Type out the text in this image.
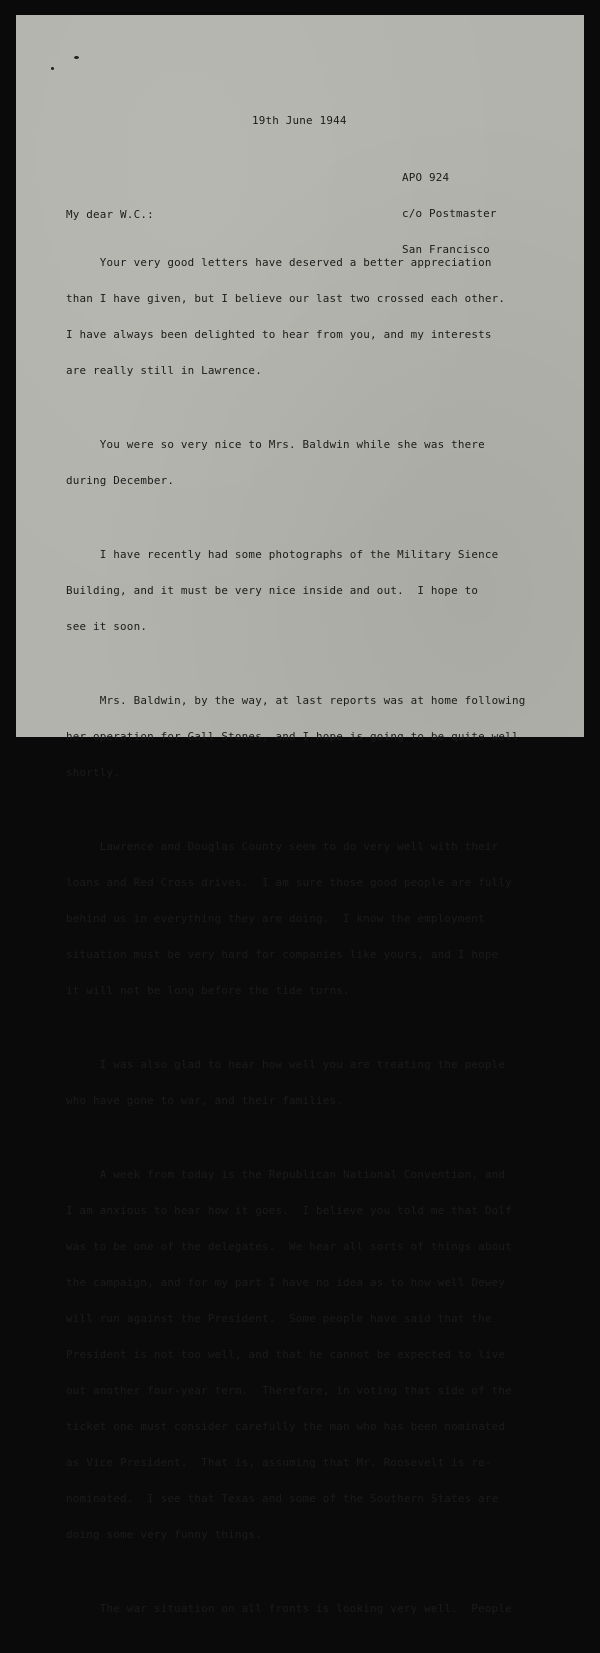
19th June 1944

APO 924

c/o Postmaster

San Francisco

My dear W.C.:

Your very good letters have deserved a better appreciation

than I have given, but I believe our last two crossed each other.

I have always been delighted to hear from you, and my interests

are really still in Lawrence.

You were so very nice to Mrs. Baldwin while she was there

during December.

I have recently had some photographs of the Military Sience

Building, and it must be very nice inside and out.  I hope to

see it soon.

Mrs. Baldwin, by the way, at last reports was at home following

her operation for Gall Stones, and I hope is going to be quite well

shortly.

Lawrence and Douglas County seem to do very well with their

loans and Red Cross drives.  I am sure those good people are fully

behind us in everything they are doing.  I know the employment

situation must be very hard for companies like yours, and I hope

it will not be long before the tide turns.

I was also glad to hear how well you are treating the people

who have gone to war, and their families.

A week from today is the Republican National Convention, and

I am anxious to hear how it goes.  I believe you told me that Dolf

was to be one of the delegates.  We hear all sorts of things about

the campaign, and for my part I have no idea as to how well Dewey

will run against the President.  Some people have said that the

President is not too well, and that he cannot be expected to live

out another four-year term.  Therefore, in voting that side of the

ticket one must consider carefully the man who has been nominated

as Vice President.  That is, assuming that Mr. Roosevelt is re-

nominated.  I see that Texas and some of the Southern States are

doing some very funny things.

The war situation on all fronts is looking very well.  People
